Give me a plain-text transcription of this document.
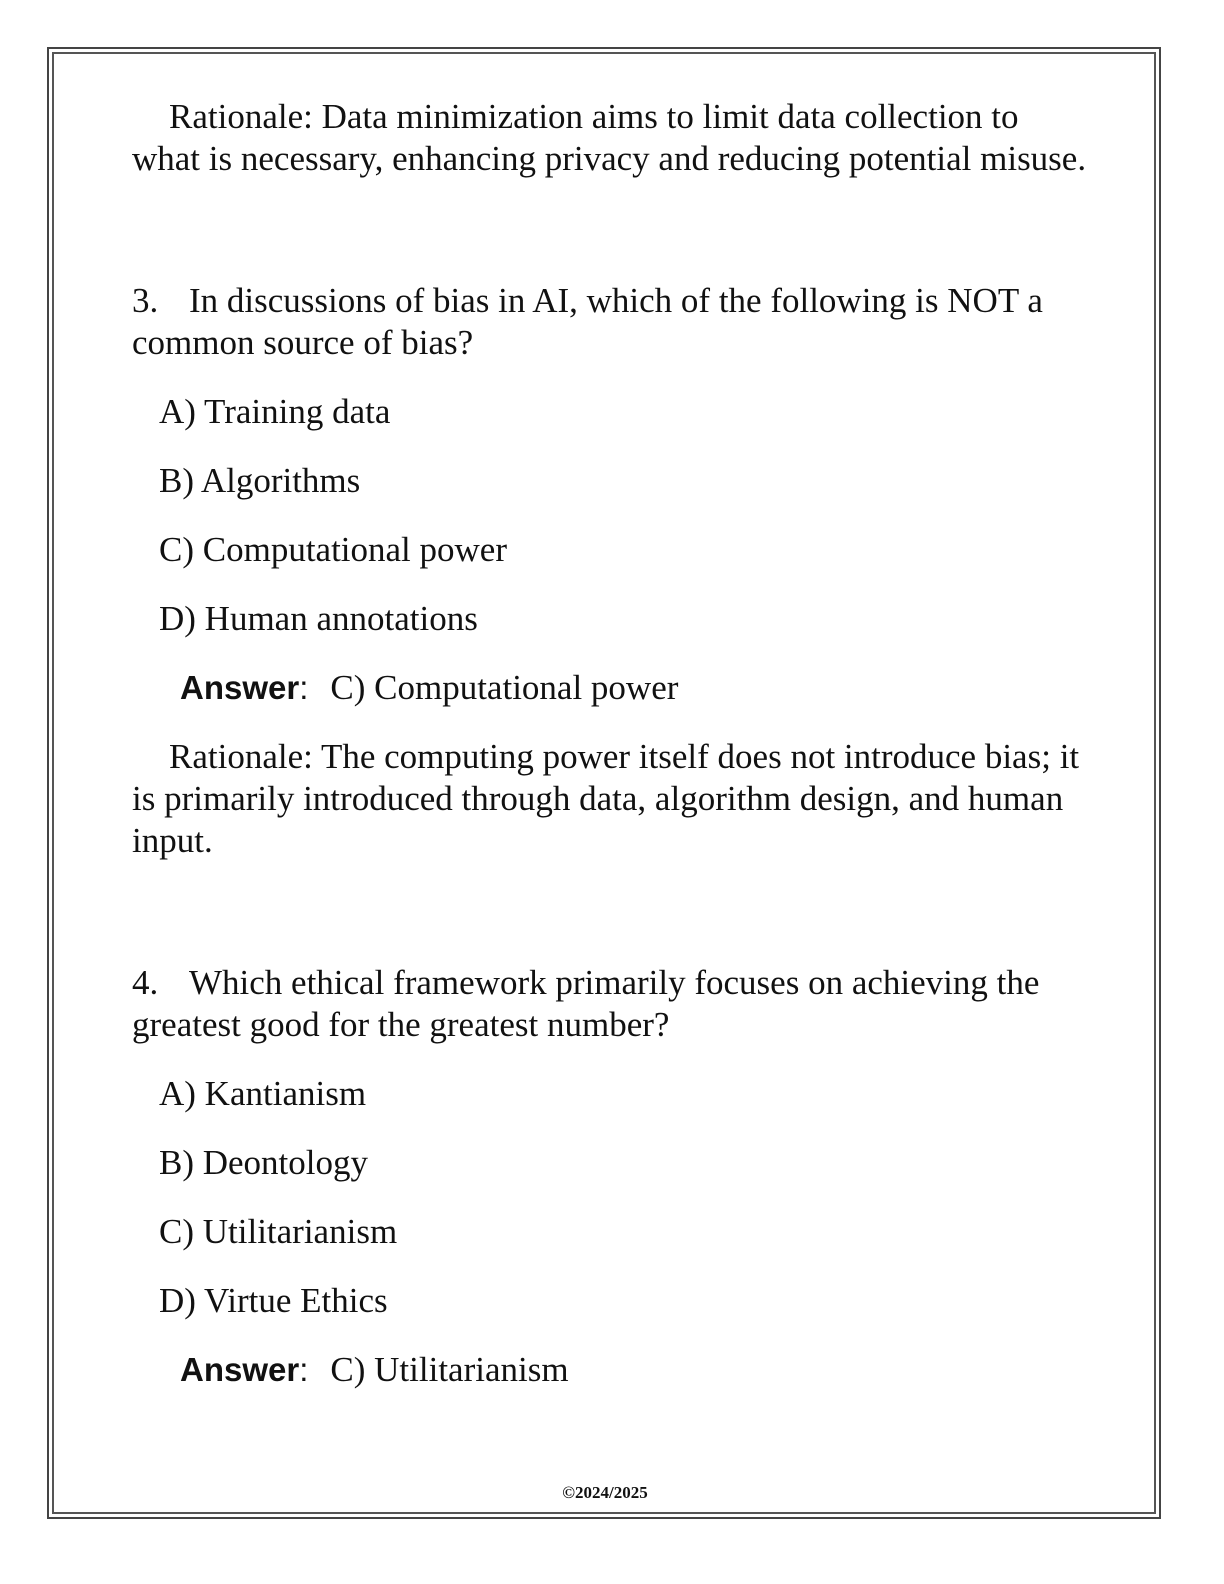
Rationale: Data minimization aims to limit data collection to what is necessary, enhancing privacy and reducing potential misuse.

3. In discussions of bias in AI, which of the following is NOT a common source of bias?

A) Training data

B) Algorithms

C) Computational power

D) Human annotations

Answer: C) Computational power

Rationale: The computing power itself does not introduce bias; it is primarily introduced through data, algorithm design, and human input.

4. Which ethical framework primarily focuses on achieving the greatest good for the greatest number?

A) Kantianism

B) Deontology

C) Utilitarianism

D) Virtue Ethics

Answer: C) Utilitarianism

©2024/2025
